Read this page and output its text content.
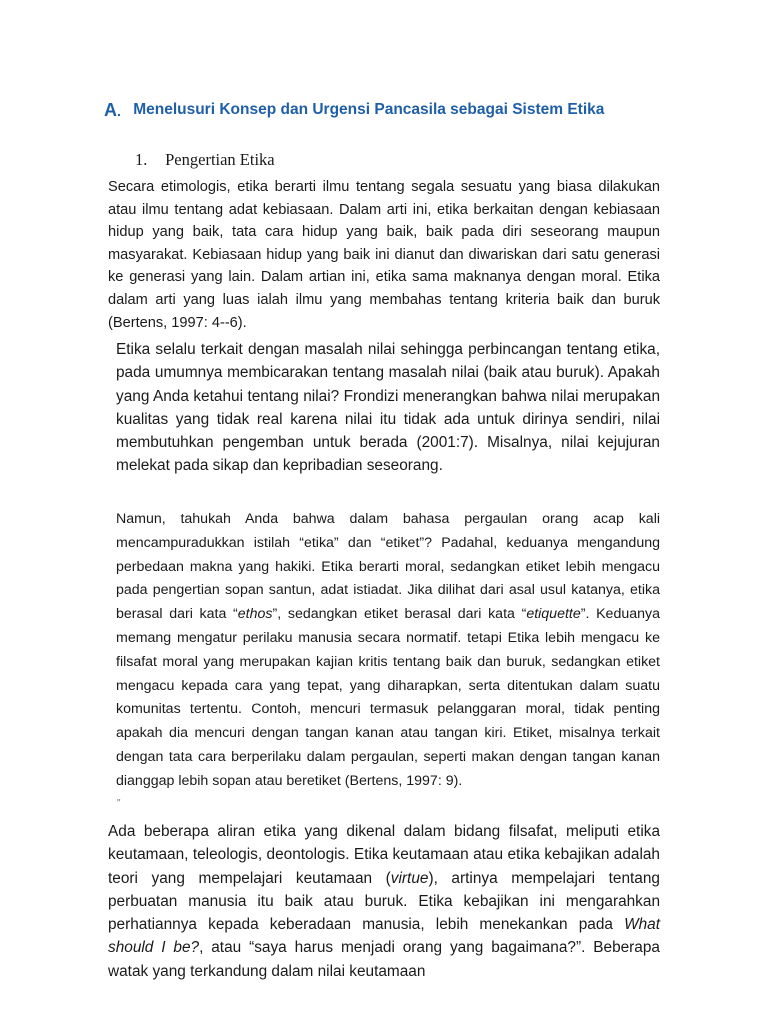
A. Menelusuri Konsep dan Urgensi Pancasila sebagai Sistem Etika
1. Pengertian Etika

Secara etimologis, etika berarti ilmu tentang segala sesuatu yang biasa dilakukan atau ilmu tentang adat kebiasaan. Dalam arti ini, etika berkaitan dengan kebiasaan hidup yang baik, tata cara hidup yang baik, baik pada diri seseorang maupun masyarakat. Kebiasaan hidup yang baik ini dianut dan diwariskan dari satu generasi ke generasi yang lain. Dalam artian ini, etika sama maknanya dengan moral. Etika dalam arti yang luas ialah ilmu yang membahas tentang kriteria baik dan buruk (Bertens, 1997: 4--6).

Etika selalu terkait dengan masalah nilai sehingga perbincangan tentang etika, pada umumnya membicarakan tentang masalah nilai (baik atau buruk). Apakah yang Anda ketahui tentang nilai? Frondizi menerangkan bahwa nilai merupakan kualitas yang tidak real karena nilai itu tidak ada untuk dirinya sendiri, nilai membutuhkan pengemban untuk berada (2001:7). Misalnya, nilai kejujuran melekat pada sikap dan kepribadian seseorang.

Namun, tahukah Anda bahwa dalam bahasa pergaulan orang acap kali mencampuradukkan istilah “etika” dan “etiket”? Padahal, keduanya mengandung perbedaan makna yang hakiki. Etika berarti moral, sedangkan etiket lebih mengacu pada pengertian sopan santun, adat istiadat. Jika dilihat dari asal usul katanya, etika berasal dari kata “ethos”, sedangkan etiket berasal dari kata “etiquette”. Keduanya memang mengatur perilaku manusia secara normatif. tetapi Etika lebih mengacu ke filsafat moral yang merupakan kajian kritis tentang baik dan buruk, sedangkan etiket mengacu kepada cara yang tepat, yang diharapkan, serta ditentukan dalam suatu komunitas tertentu. Contoh, mencuri termasuk pelanggaran moral, tidak penting apakah dia mencuri dengan tangan kanan atau tangan kiri. Etiket, misalnya terkait dengan tata cara berperilaku dalam pergaulan, seperti makan dengan tangan kanan dianggap lebih sopan atau beretiket (Bertens, 1997: 9).

"

Ada beberapa aliran etika yang dikenal dalam bidang filsafat, meliputi etika keutamaan, teleologis, deontologis. Etika keutamaan atau etika kebajikan adalah teori yang mempelajari keutamaan (virtue), artinya mempelajari tentang perbuatan manusia itu baik atau buruk. Etika kebajikan ini mengarahkan perhatiannya kepada keberadaan manusia, lebih menekankan pada What should I be?, atau “saya harus menjadi orang yang bagaimana?”. Beberapa watak yang terkandung dalam nilai keutamaan
